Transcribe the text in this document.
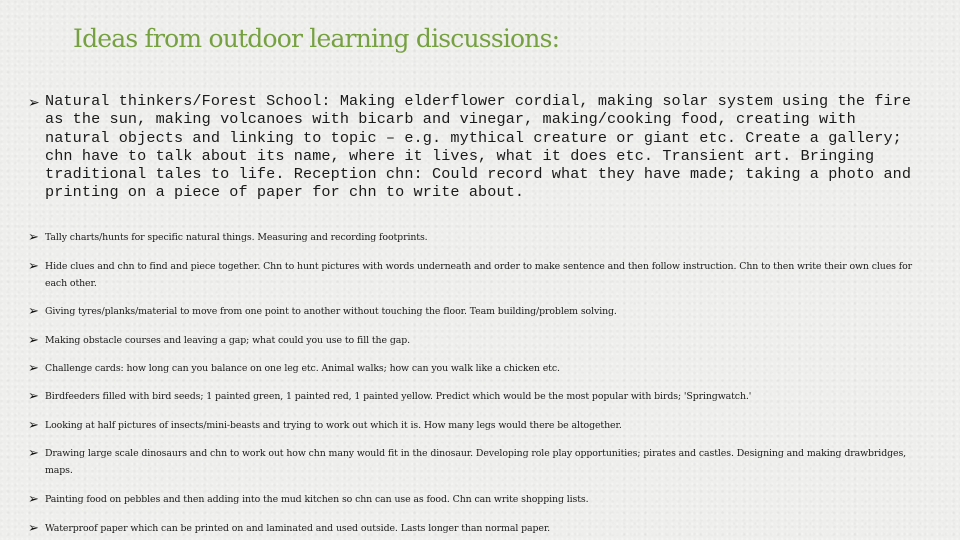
Ideas from outdoor learning discussions:
➢ Natural thinkers/Forest School: Making elderflower cordial, making solar system using the fire as the sun, making volcanoes with bicarb and vinegar, making/cooking food, creating with natural objects and linking to topic – e.g. mythical creature or giant etc. Create a gallery; chn have to talk about its name, where it lives, what it does etc. Transient art. Bringing traditional tales to life. Reception chn: Could record what they have made; taking a photo and printing on a piece of paper for chn to write about.
➢ Tally charts/hunts for specific natural things. Measuring and recording footprints.
➢ Hide clues and chn to find and piece together. Chn to hunt pictures with words underneath and order to make sentence and then follow instruction. Chn to then write their own clues for each other.
➢ Giving tyres/planks/material to move from one point to another without touching the floor. Team building/problem solving.
➢ Making obstacle courses and leaving a gap; what could you use to fill the gap.
➢ Challenge cards: how long can you balance on one leg etc. Animal walks; how can you walk like a chicken etc.
➢ Birdfeeders filled with bird seeds; 1 painted green, 1 painted red, 1 painted yellow. Predict which would be the most popular with birds; 'Springwatch.'
➢ Looking at half pictures of insects/mini-beasts and trying to work out which it is. How many legs would there be altogether.
➢ Drawing large scale dinosaurs and chn to work out how chn many would fit in the dinosaur. Developing role play opportunities; pirates and castles. Designing and making drawbridges, maps.
➢ Painting food on pebbles and then adding into the mud kitchen so chn can use as food. Chn can write shopping lists.
➢ Waterproof paper which can be printed on and laminated and used outside. Lasts longer than normal paper.
